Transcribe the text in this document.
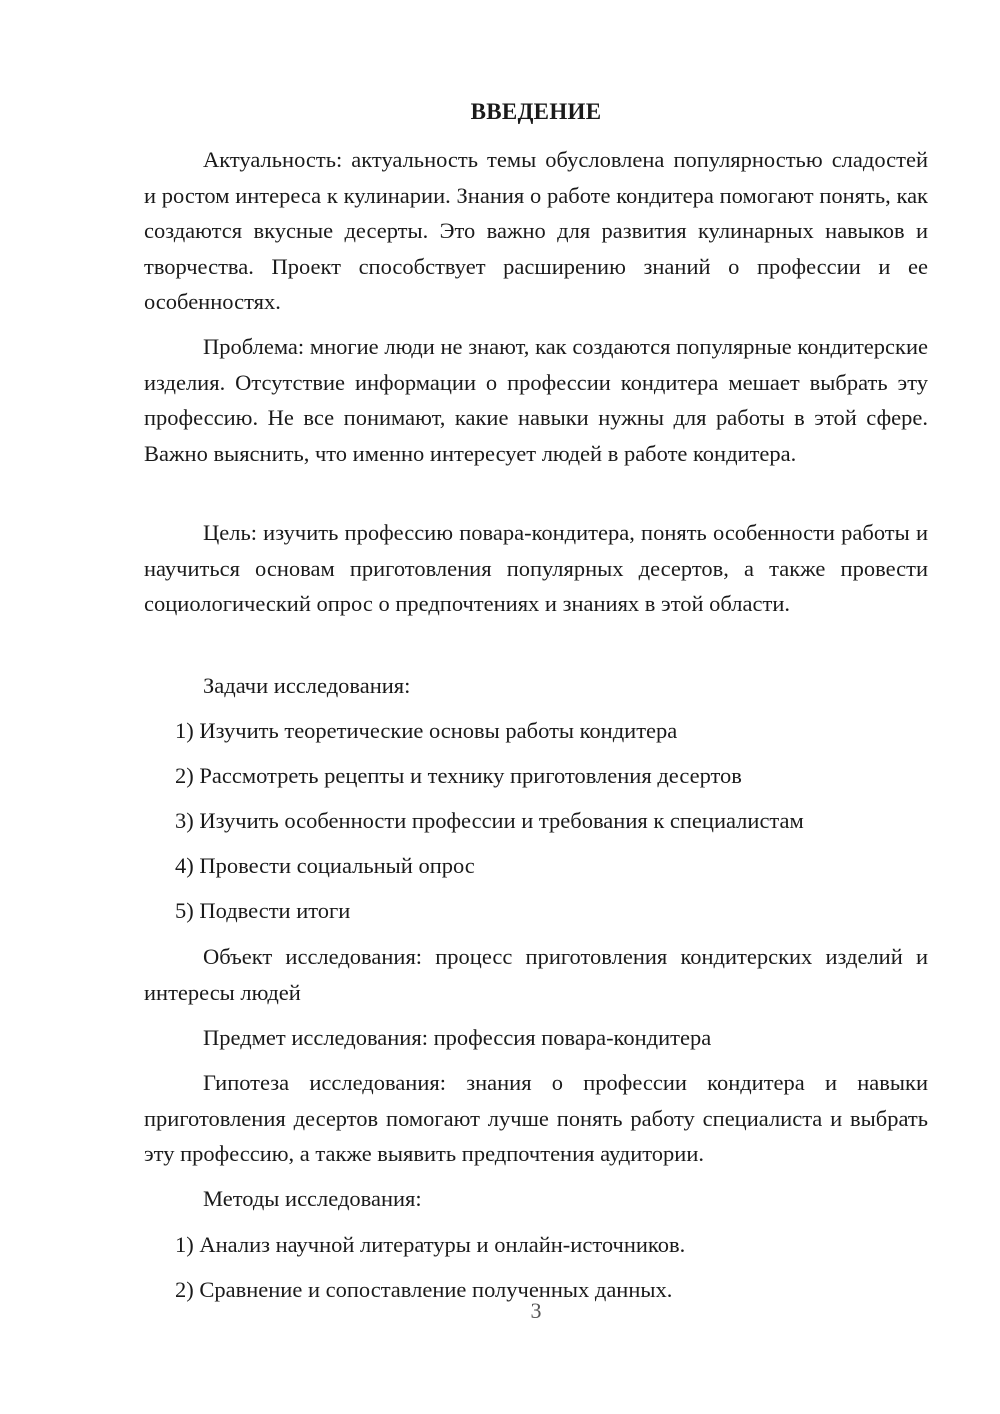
ВВЕДЕНИЕ

Актуальность: актуальность темы обусловлена популярностью сладостей и ростом интереса к кулинарии. Знания о работе кондитера помогают понять, как создаются вкусные десерты. Это важно для развития кулинарных навыков и творчества. Проект способствует расширению знаний о профессии и ее особенностях.

Проблема: многие люди не знают, как создаются популярные кондитерские изделия. Отсутствие информации о профессии кондитера мешает выбрать эту профессию. Не все понимают, какие навыки нужны для работы в этой сфере. Важно выяснить, что именно интересует людей в работе кондитера.

Цель: изучить профессию повара-кондитера, понять особенности работы и научиться основам приготовления популярных десертов, а также провести социологический опрос о предпочтениях и знаниях в этой области.

Задачи исследования:

1) Изучить теоретические основы работы кондитера
2) Рассмотреть рецепты и технику приготовления десертов
3) Изучить особенности профессии и требования к специалистам
4) Провести социальный опрос
5) Подвести итоги

Объект исследования: процесс приготовления кондитерских изделий и интересы людей

Предмет исследования: профессия повара-кондитера

Гипотеза исследования: знания о профессии кондитера и навыки приготовления десертов помогают лучше понять работу специалиста и выбрать эту профессию, а также выявить предпочтения аудитории.

Методы исследования:

1) Анализ научной литературы и онлайн-источников.
2) Сравнение и сопоставление полученных данных.
3
